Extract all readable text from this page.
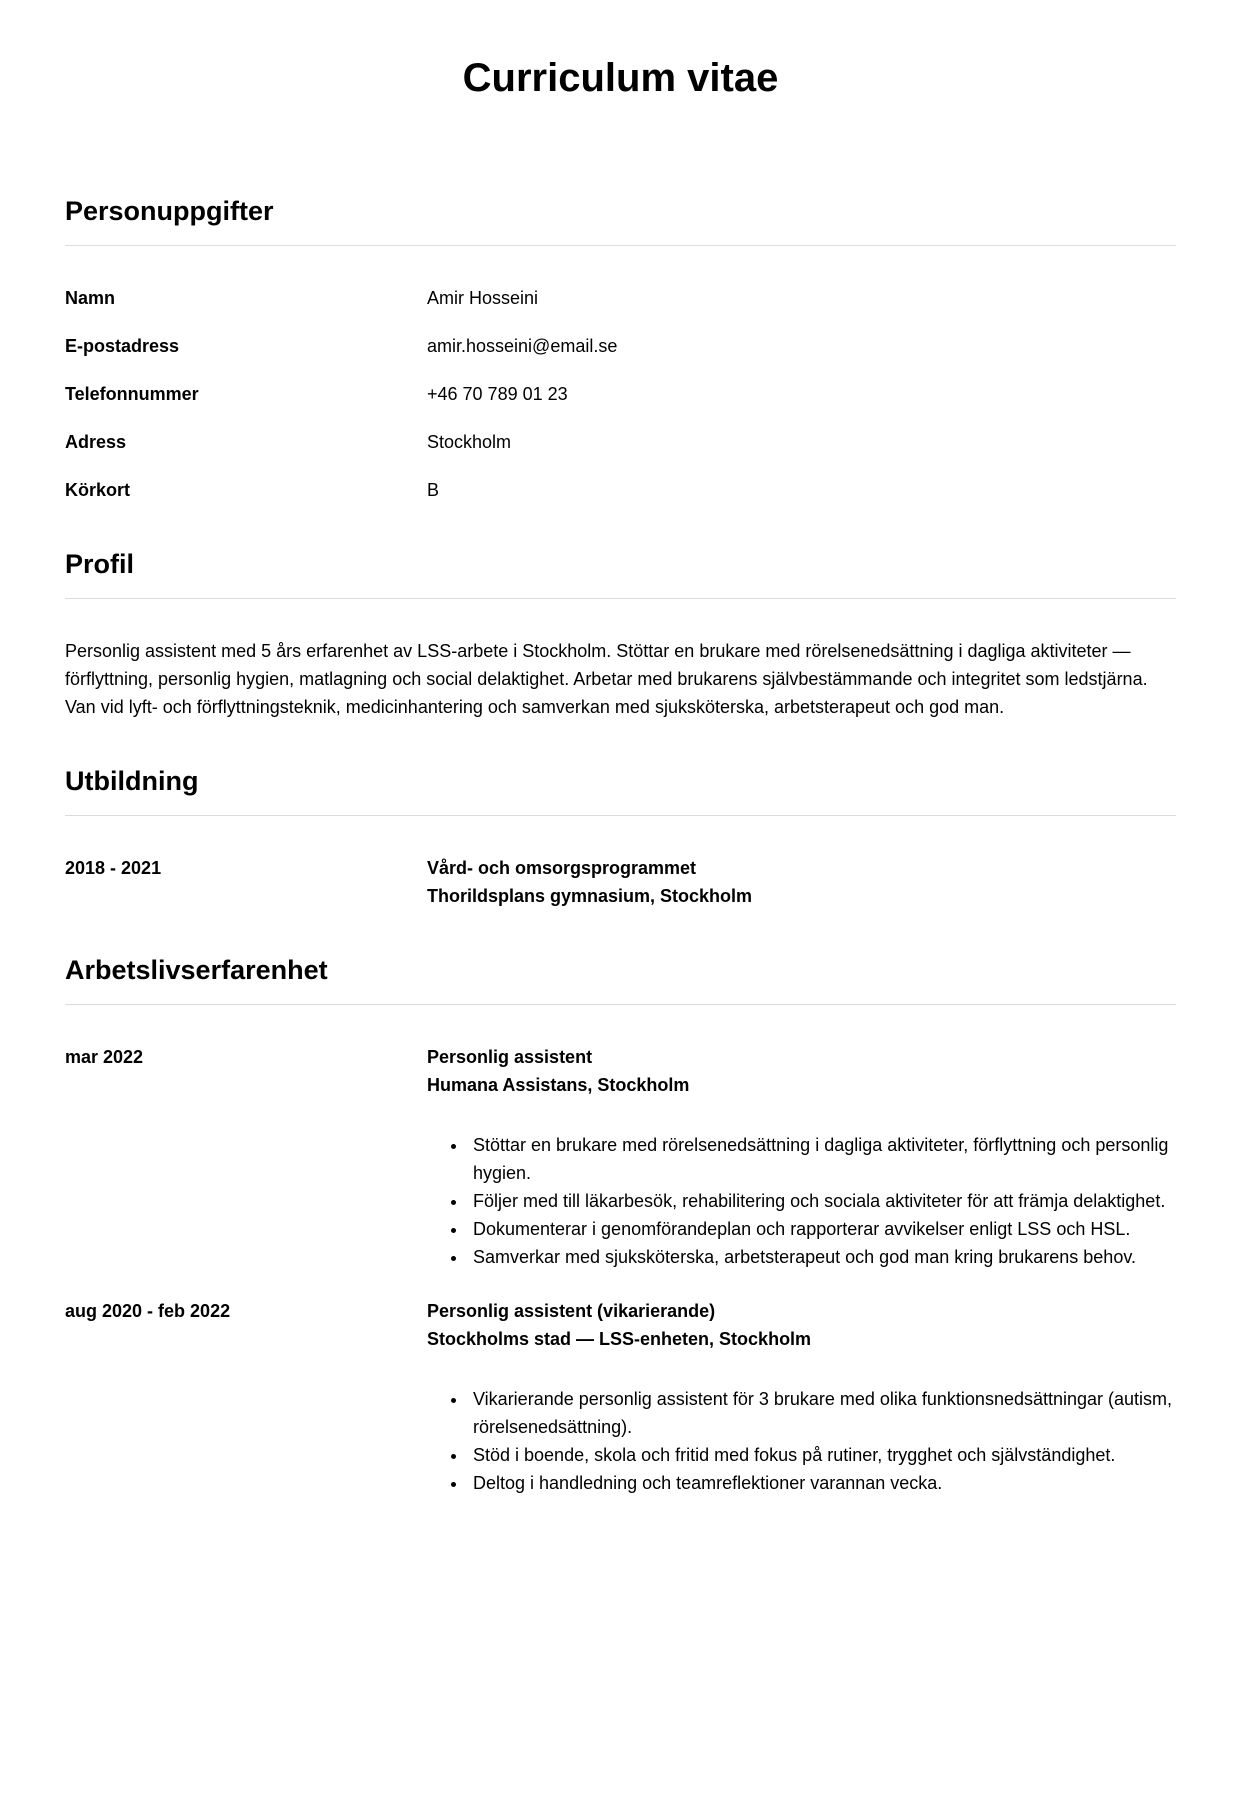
Curriculum vitae
Personuppgifter
Namn	Amir Hosseini
E-postadress	amir.hosseini@email.se
Telefonnummer	+46 70 789 01 23
Adress	Stockholm
Körkort	B
Profil

Personlig assistent med 5 års erfarenhet av LSS-arbete i Stockholm. Stöttar en brukare med rörelsenedsättning i dagliga aktiviteter — förflyttning, personlig hygien, matlagning och social delaktighet. Arbetar med brukarens självbestämmande och integritet som ledstjärna. Van vid lyft- och förflyttningsteknik, medicinhantering och samverkan med sjuksköterska, arbetsterapeut och god man.

Utbildning
2018 - 2021	Vård- och omsorgsprogrammet
Thorildsplans gymnasium, Stockholm
Arbetslivserfarenhet
mar 2022	Personlig assistent
Humana Assistans, Stockholm
• Stöttar en brukare med rörelsenedsättning i dagliga aktiviteter, förflyttning och personlig hygien.
• Följer med till läkarbesök, rehabilitering och sociala aktiviteter för att främja delaktighet.
• Dokumenterar i genomförandeplan och rapporterar avvikelser enligt LSS och HSL.
• Samverkar med sjuksköterska, arbetsterapeut och god man kring brukarens behov.
aug 2020 - feb 2022	Personlig assistent (vikarierande)
Stockholms stad — LSS-enheten, Stockholm
• Vikarierande personlig assistent för 3 brukare med olika funktionsnedsättningar (autism, rörelsenedsättning).
• Stöd i boende, skola och fritid med fokus på rutiner, trygghet och självständighet.
• Deltog i handledning och teamreflektioner varannan vecka.
